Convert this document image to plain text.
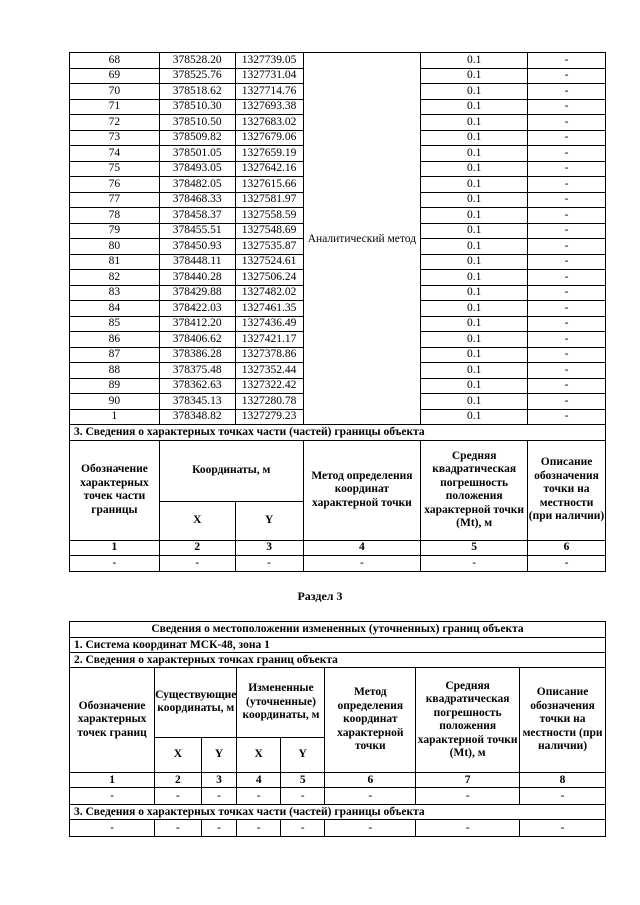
68	378528.20	1327739.05	Аналитический метод	0.1	-
69	378525.76	1327731.04		0.1	-
70	378518.62	1327714.76		0.1	-
71	378510.30	1327693.38		0.1	-
72	378510.50	1327683.02		0.1	-
73	378509.82	1327679.06		0.1	-
74	378501.05	1327659.19		0.1	-
75	378493.05	1327642.16		0.1	-
76	378482.05	1327615.66		0.1	-
77	378468.33	1327581.97		0.1	-
78	378458.37	1327558.59		0.1	-
79	378455.51	1327548.69		0.1	-
80	378450.93	1327535.87		0.1	-
81	378448.11	1327524.61		0.1	-
82	378440.28	1327506.24		0.1	-
83	378429.88	1327482.02		0.1	-
84	378422.03	1327461.35		0.1	-
85	378412.20	1327436.49		0.1	-
86	378406.62	1327421.17		0.1	-
87	378386.28	1327378.86		0.1	-
88	378375.48	1327352.44		0.1	-
89	378362.63	1327322.42		0.1	-
90	378345.13	1327280.78		0.1	-
1	378348.82	1327279.23		0.1	-
3. Сведения о характерных точках части (частей) границы объекта					
Обозначение характерных точек части границы	Координаты, м		Метод определения координат характерной точки	Средняя квадратическая погрешность положения характерной точки (Mt), м	Описание обозначения точки на местности (при наличии)
	X	Y			
1	2	3	4	5	6
-	-	-	-	-	-
Раздел 3
Сведения о местоположении измененных (уточненных) границ объекта							
1. Система координат МСК-48, зона 1							
2. Сведения о характерных точках границ объекта							
Обозначение характерных точек границ	Существующие координаты, м		Измененные (уточненные) координаты, м		Метод определения координат характерной точки	Средняя квадратическая погрешность положения характерной точки (Mt), м	Описание обозначения точки на местности (при наличии)
	X	Y	X	Y			
1	2	3	4	5	6	7	8
-	-	-	-	-	-	-	-
3. Сведения о характерных точках части (частей) границы объекта							
-	-	-	-	-	-	-	-
